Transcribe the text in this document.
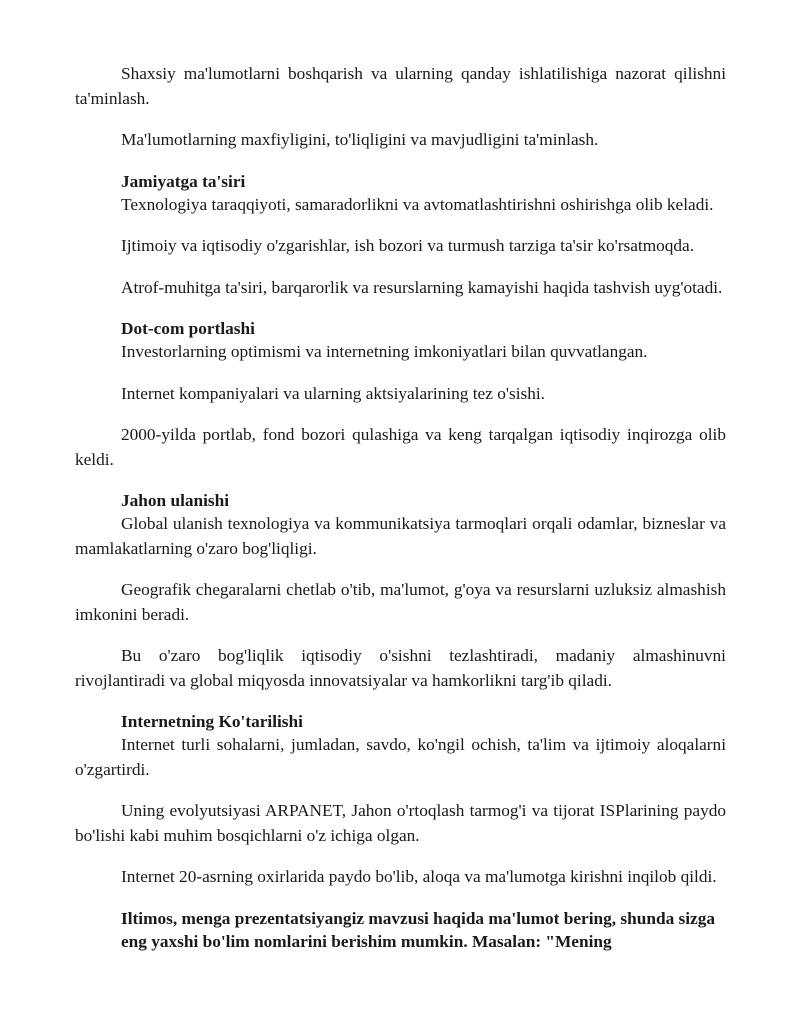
Shaxsiy ma'lumotlarni boshqarish va ularning qanday ishlatilishiga nazorat qilishni ta'minlash.

Ma'lumotlarning maxfiyligini, to'liqligini va mavjudligini ta'minlash.

Jamiyatga ta'siri

Texnologiya taraqqiyoti, samaradorlikni va avtomatlashtirishni oshirishga olib keladi.

Ijtimoiy va iqtisodiy o'zgarishlar, ish bozori va turmush tarziga ta'sir ko'rsatmoqda.

Atrof-muhitga ta'siri, barqarorlik va resurslarning kamayishi haqida tashvish uyg'otadi.

Dot-com portlashi

Investorlarning optimismi va internetning imkoniyatlari bilan quvvatlangan.

Internet kompaniyalari va ularning aktsiyalarining tez o'sishi.

2000-yilda portlab, fond bozori qulashiga va keng tarqalgan iqtisodiy inqirozga olib keldi.

Jahon ulanishi

Global ulanish texnologiya va kommunikatsiya tarmoqlari orqali odamlar, bizneslar va mamlakatlarning o'zaro bog'liqligi.

Geografik chegaralarni chetlab o'tib, ma'lumot, g'oya va resurslarni uzluksiz almashish imkonini beradi.

Bu o'zaro bog'liqlik iqtisodiy o'sishni tezlashtiradi, madaniy almashinuvni rivojlantiradi va global miqyosda innovatsiyalar va hamkorlikni targ'ib qiladi.

Internetning Ko'tarilishi

Internet turli sohalarni, jumladan, savdo, ko'ngil ochish, ta'lim va ijtimoiy aloqalarni o'zgartirdi.

Uning evolyutsiyasi ARPANET, Jahon o'rtoqlash tarmog'i va tijorat ISPlarining paydo bo'lishi kabi muhim bosqichlarni o'z ichiga olgan.

Internet 20-asrning oxirlarida paydo bo'lib, aloqa va ma'lumotga kirishni inqilob qildi.

Iltimos, menga prezentatsiyangiz mavzusi haqida ma'lumot bering, shunda sizga eng yaxshi bo'lim nomlarini berishim mumkin. Masalan: "Mening
